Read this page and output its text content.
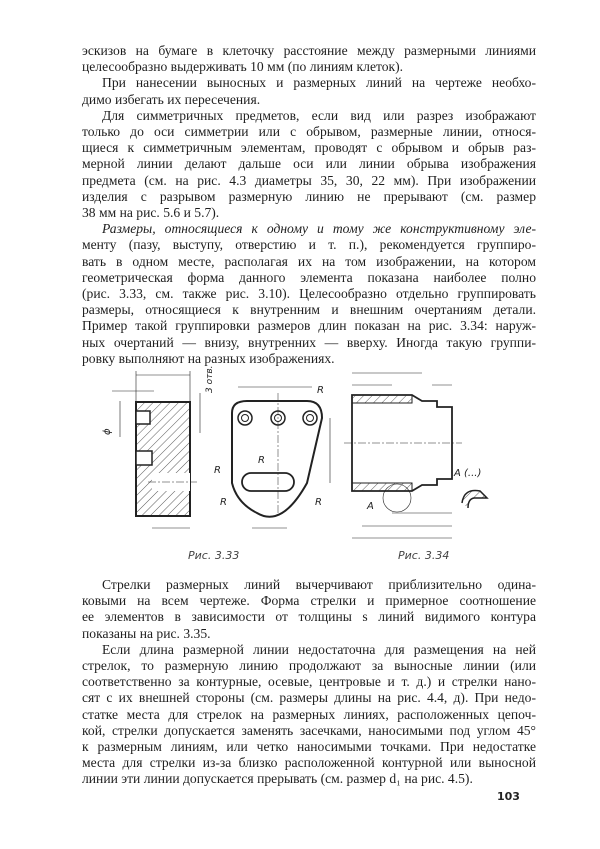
эскизов на бумаге в клеточку расстояние между размерными линиями
целесообразно выдерживать 10 мм (по линиям клеток).

При нанесении выносных и размерных линий на чертеже необхо-
димо избегать их пересечения.

Для симметричных предметов, если вид или разрез изображают
только до оси симметрии или с обрывом, размерные линии, относя-
щиеся к симметричным элементам, проводят с обрывом и обрыв раз-
мерной линии делают дальше оси или линии обрыва изображения
предмета (см. на рис. 4.3 диаметры 35, 30, 22 мм). При изображении
изделия с разрывом размерную линию не прерывают (см. размер
38 мм на рис. 5.6 и 5.7).

Размеры, относящиеся к одному и тому же конструктивному эле-
менту (пазу, выступу, отверстию и т. п.), рекомендуется группиро-
вать в одном месте, располагая их на том изображении, на котором
геометрическая форма данного элемента показана наиболее полно
(рис. 3.33, см. также рис. 3.10). Целесообразно отдельно группировать
размеры, относящиеся к внутренним и внешним очертаниям детали.
Пример такой группировки размеров длин показан на рис. 3.34: наруж-
ных очертаний — внизу, внутренних — вверху. Иногда такую группи-
ровку выполняют на разных изображениях.

ϕ
3 отв.
R
R
R
R
R	A
A (...)
Рис. 3.33	Рис. 3.34

Стрелки размерных линий вычерчивают приблизительно одина-
ковыми на всем чертеже. Форма стрелки и примерное соотношение
ее элементов в зависимости от толщины s линий видимого контура
показаны на рис. 3.35.

Если длина размерной линии недостаточна для размещения на ней
стрелок, то размерную линию продолжают за выносные линии (или
соответственно за контурные, осевые, центровые и т. д.) и стрелки нано-
сят с их внешней стороны (см. размеры длины на рис. 4.4, д). При недо-
статке места для стрелок на размерных линиях, расположенных цепоч-
кой, стрелки допускается заменять засечками, наносимыми под углом 45°
к размерным линиям, или четко наносимыми точками. При недостатке
места для стрелки из-за близко расположенной контурной или выносной
линии эти линии допускается прерывать (см. размер d₁ на рис. 4.5).

103
